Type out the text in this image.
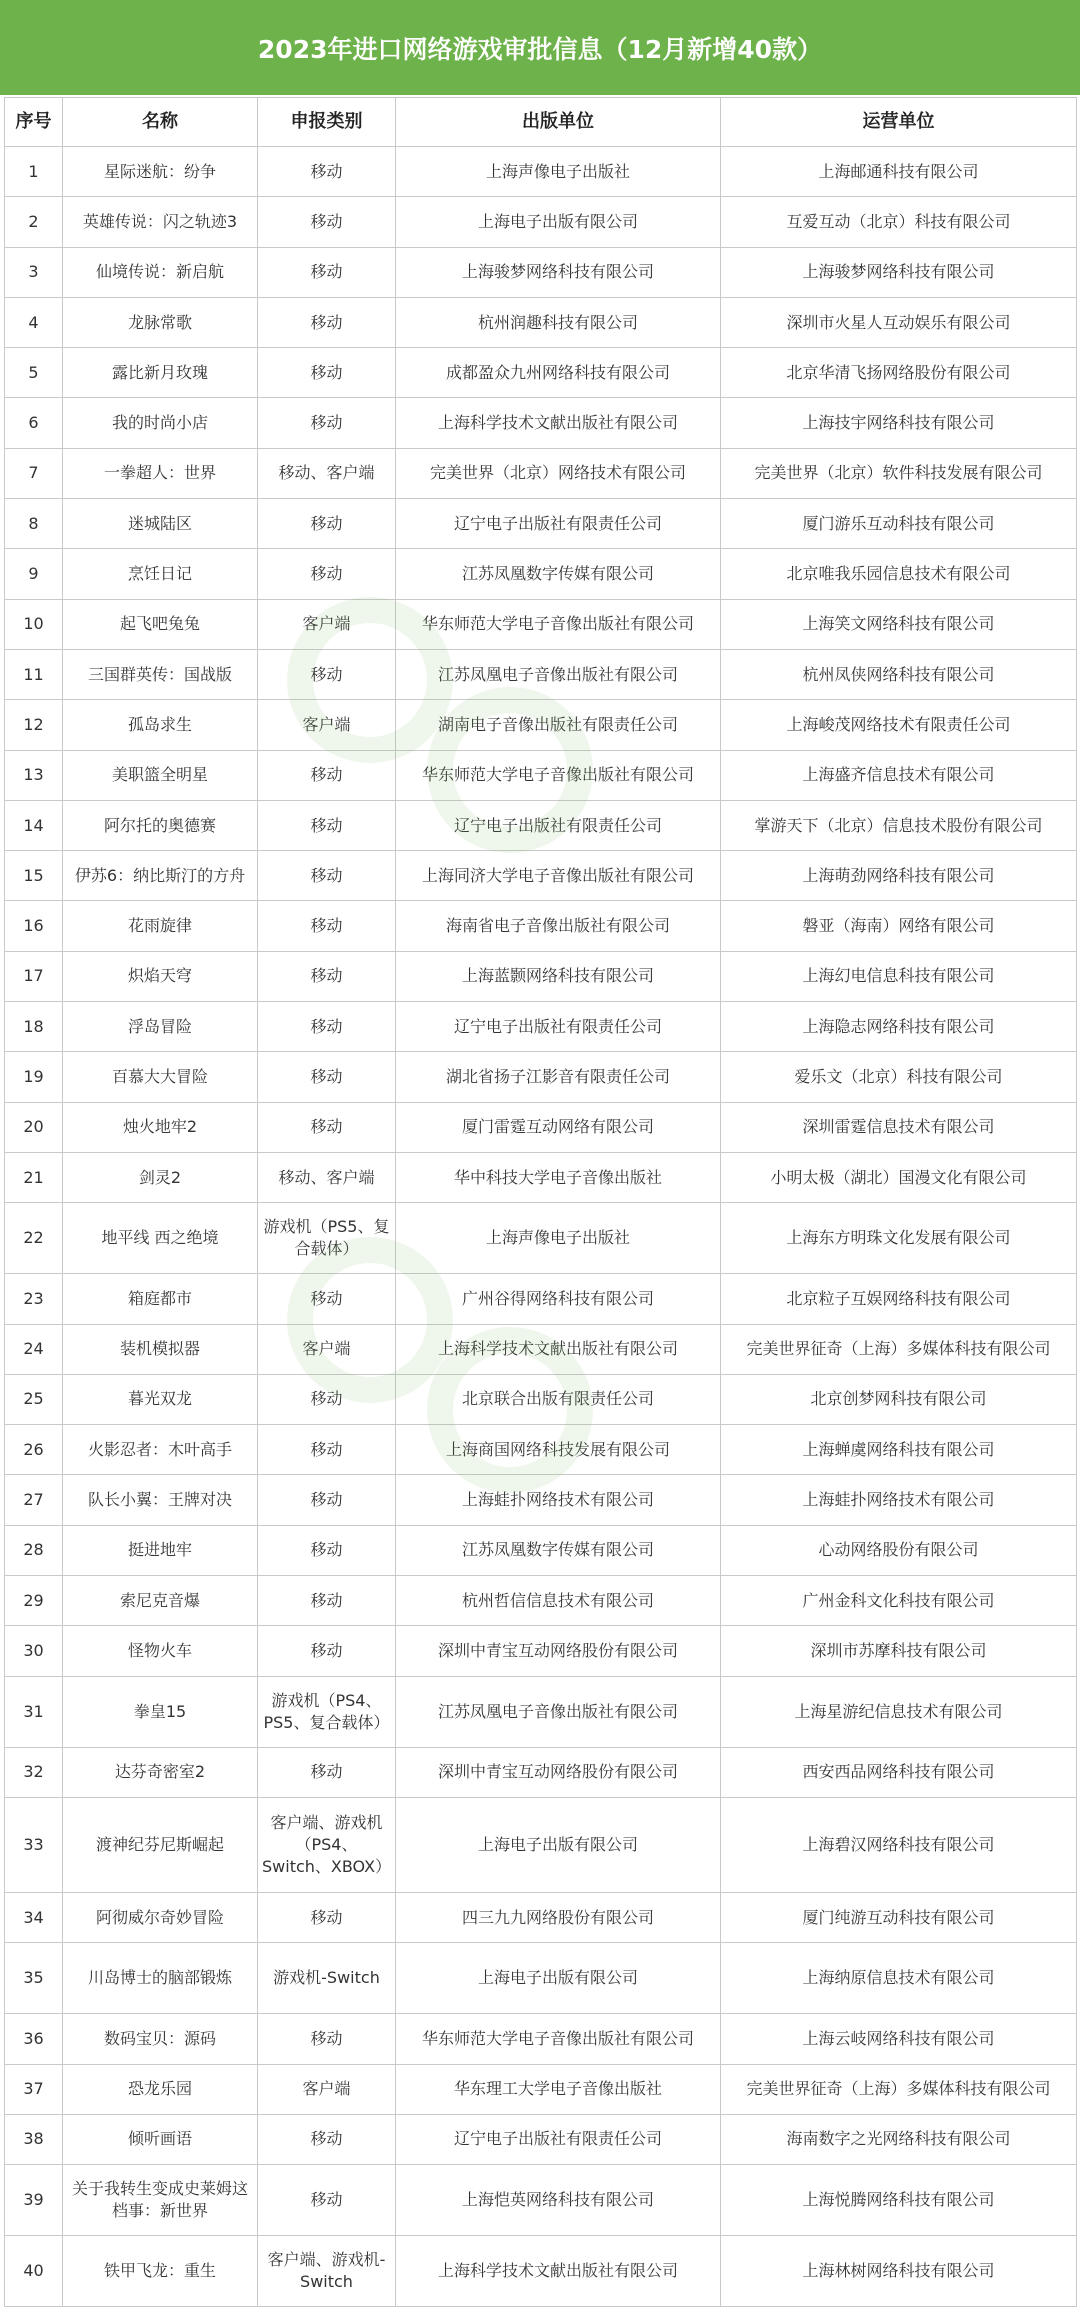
2023年进口网络游戏审批信息（12月新增40款）
序号	名称	申报类别	出版单位	运营单位
1	星际迷航：纷争	移动	上海声像电子出版社	上海邮通科技有限公司
2	英雄传说：闪之轨迹3	移动	上海电子出版有限公司	互爱互动（北京）科技有限公司
3	仙境传说：新启航	移动	上海骏梦网络科技有限公司	上海骏梦网络科技有限公司
4	龙脉常歌	移动	杭州润趣科技有限公司	深圳市火星人互动娱乐有限公司
5	露比新月玫瑰	移动	成都盈众九州网络科技有限公司	北京华清飞扬网络股份有限公司
6	我的时尚小店	移动	上海科学技术文献出版社有限公司	上海技宇网络科技有限公司
7	一拳超人：世界	移动、客户端	完美世界（北京）网络技术有限公司	完美世界（北京）软件科技发展有限公司
8	迷城陆区	移动	辽宁电子出版社有限责任公司	厦门游乐互动科技有限公司
9	烹饪日记	移动	江苏凤凰数字传媒有限公司	北京唯我乐园信息技术有限公司
10	起飞吧兔兔	客户端	华东师范大学电子音像出版社有限公司	上海笑文网络科技有限公司
11	三国群英传：国战版	移动	江苏凤凰电子音像出版社有限公司	杭州凤侠网络科技有限公司
12	孤岛求生	客户端	湖南电子音像出版社有限责任公司	上海峻茂网络技术有限责任公司
13	美职篮全明星	移动	华东师范大学电子音像出版社有限公司	上海盛齐信息技术有限公司
14	阿尔托的奥德赛	移动	辽宁电子出版社有限责任公司	掌游天下（北京）信息技术股份有限公司
15	伊苏6：纳比斯汀的方舟	移动	上海同济大学电子音像出版社有限公司	上海萌劲网络科技有限公司
16	花雨旋律	移动	海南省电子音像出版社有限公司	磐亚（海南）网络有限公司
17	炽焰天穹	移动	上海蓝颢网络科技有限公司	上海幻电信息科技有限公司
18	浮岛冒险	移动	辽宁电子出版社有限责任公司	上海隐志网络科技有限公司
19	百慕大大冒险	移动	湖北省扬子江影音有限责任公司	爱乐文（北京）科技有限公司
20	烛火地牢2	移动	厦门雷霆互动网络有限公司	深圳雷霆信息技术有限公司
21	剑灵2	移动、客户端	华中科技大学电子音像出版社	小明太极（湖北）国漫文化有限公司
22	地平线 西之绝境	游戏机（PS5、复合载体）	上海声像电子出版社	上海东方明珠文化发展有限公司
23	箱庭都市	移动	广州谷得网络科技有限公司	北京粒子互娱网络科技有限公司
24	装机模拟器	客户端	上海科学技术文献出版社有限公司	完美世界征奇（上海）多媒体科技有限公司
25	暮光双龙	移动	北京联合出版有限责任公司	北京创梦网科技有限公司
26	火影忍者：木叶高手	移动	上海商国网络科技发展有限公司	上海蝉虞网络科技有限公司
27	队长小翼：王牌对决	移动	上海蛙扑网络技术有限公司	上海蛙扑网络技术有限公司
28	挺进地牢	移动	江苏凤凰数字传媒有限公司	心动网络股份有限公司
29	索尼克音爆	移动	杭州哲信信息技术有限公司	广州金科文化科技有限公司
30	怪物火车	移动	深圳中青宝互动网络股份有限公司	深圳市苏摩科技有限公司
31	拳皇15	游戏机（PS4、PS5、复合载体）	江苏凤凰电子音像出版社有限公司	上海星游纪信息技术有限公司
32	达芬奇密室2	移动	深圳中青宝互动网络股份有限公司	西安西品网络科技有限公司
33	渡神纪芬尼斯崛起	客户端、游戏机（PS4、Switch、XBOX）	上海电子出版有限公司	上海碧汉网络科技有限公司
34	阿彻威尔奇妙冒险	移动	四三九九网络股份有限公司	厦门纯游互动科技有限公司
35	川岛博士的脑部锻炼	游戏机-Switch	上海电子出版有限公司	上海纳原信息技术有限公司
36	数码宝贝：源码	移动	华东师范大学电子音像出版社有限公司	上海云岐网络科技有限公司
37	恐龙乐园	客户端	华东理工大学电子音像出版社	完美世界征奇（上海）多媒体科技有限公司
38	倾听画语	移动	辽宁电子出版社有限责任公司	海南数字之光网络科技有限公司
39	关于我转生变成史莱姆这档事：新世界	移动	上海恺英网络科技有限公司	上海悦腾网络科技有限公司
40	铁甲飞龙：重生	客户端、游戏机-Switch	上海科学技术文献出版社有限公司	上海林树网络科技有限公司
